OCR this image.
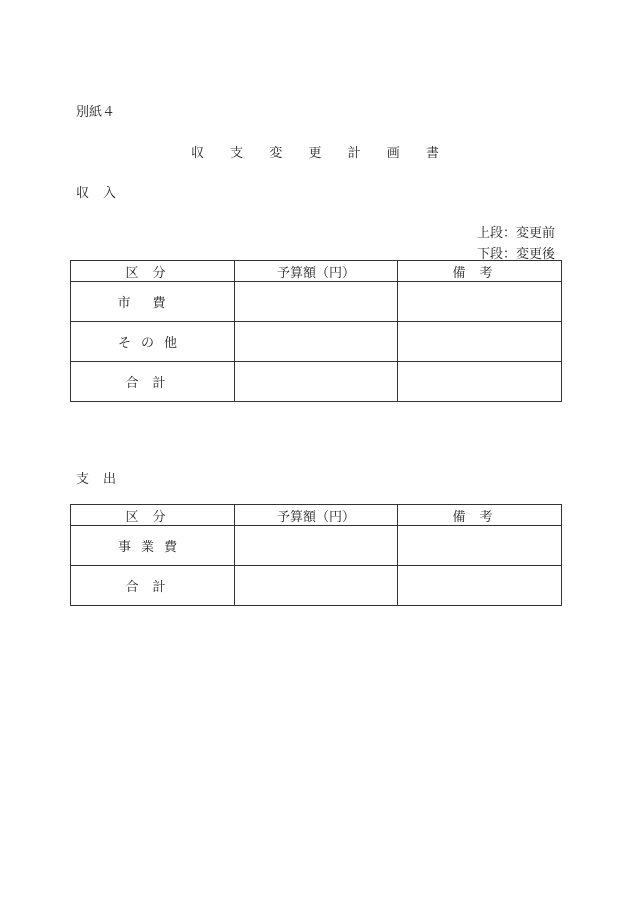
別紙４
収 支 変 更 計 画 書
収入
上段：変更前
下段：変更後
区分	予算額（円）	備考
市費		
その他		
合計		
支出
区分	予算額（円）	備考
事業費		
合計		
